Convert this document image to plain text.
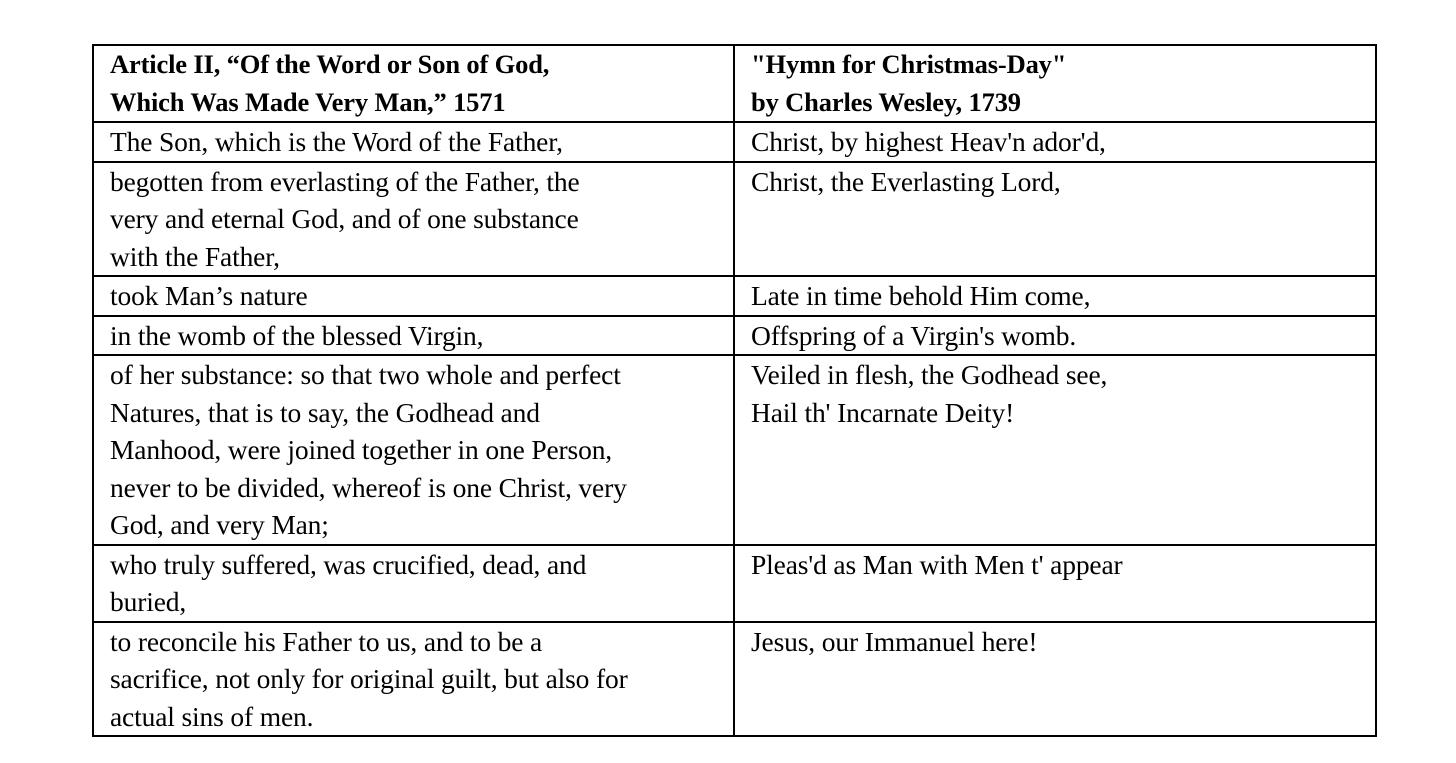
Article II, “Of the Word or Son of God,
Which Was Made Very Man,” 1571	"Hymn for Christmas-Day"
by Charles Wesley, 1739

The Son, which is the Word of the Father,	Christ, by highest Heav'n ador'd,

begotten from everlasting of the Father, the
very and eternal God, and of one substance
with the Father,	Christ, the Everlasting Lord,

took Man’s nature	Late in time behold Him come,

in the womb of the blessed Virgin,	Offspring of a Virgin's womb.

of her substance: so that two whole and perfect
Natures, that is to say, the Godhead and
Manhood, were joined together in one Person,
never to be divided, whereof is one Christ, very
God, and very Man;	Veiled in flesh, the Godhead see,
Hail th' Incarnate Deity!

who truly suffered, was crucified, dead, and
buried,	Pleas'd as Man with Men t' appear

to reconcile his Father to us, and to be a
sacrifice, not only for original guilt, but also for
actual sins of men.	Jesus, our Immanuel here!
